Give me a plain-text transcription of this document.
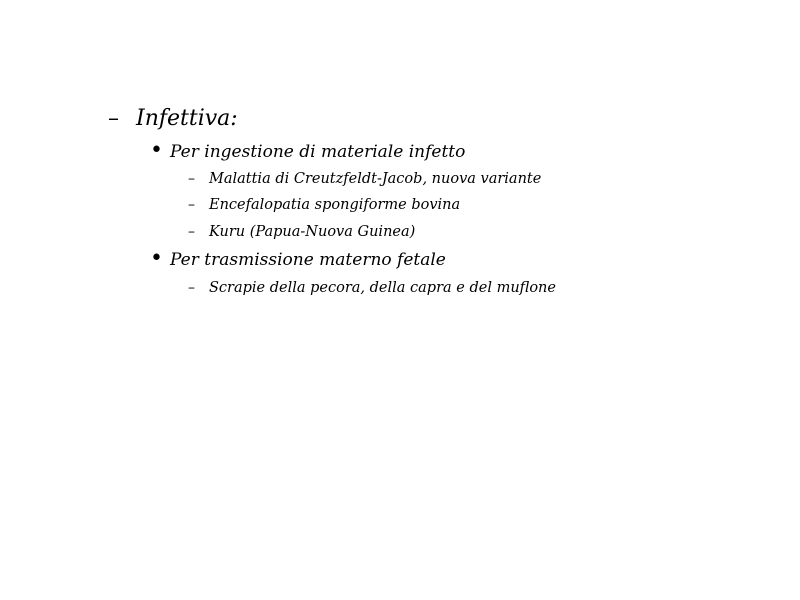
– Infettiva:
• Per ingestione di materiale infetto
– Malattia di Creutzfeldt-Jacob, nuova variante
– Encefalopatia spongiforme bovina
– Kuru (Papua-Nuova Guinea)
• Per trasmissione materno fetale
– Scrapie della pecora, della capra e del muflone
